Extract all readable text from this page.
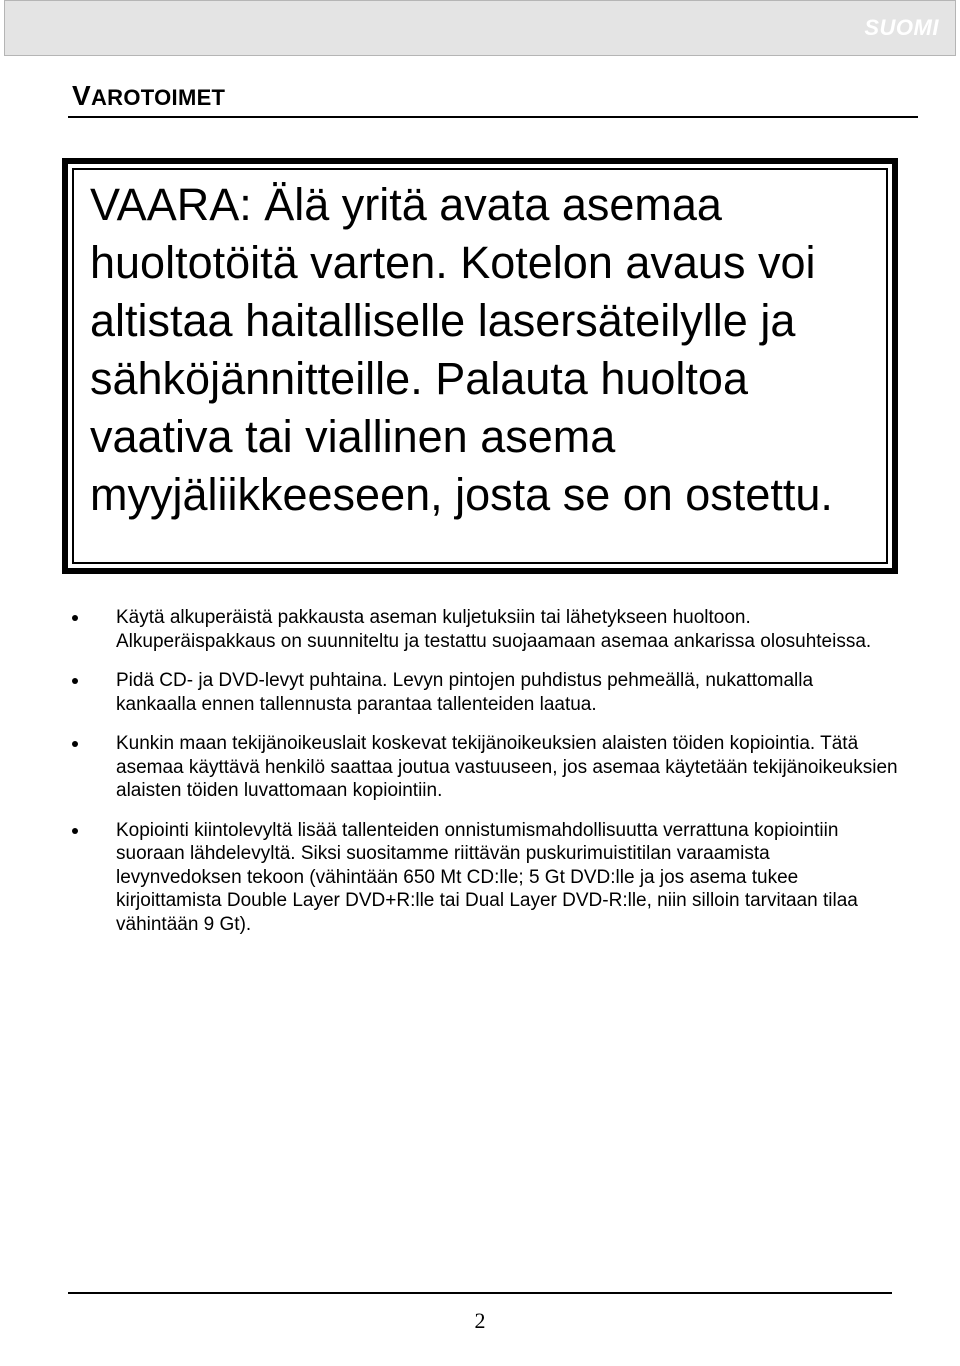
SUOMI
VAROTOIMET

VAARA: Älä yritä avata asemaa huoltotöitä varten. Kotelon avaus voi altistaa haitalliselle lasersäteilylle ja sähköjännitteille. Palauta huoltoa vaativa tai viallinen asema myyjäliikkeeseen, josta se on ostettu.

Käytä alkuperäistä pakkausta aseman kuljetuksiin tai lähetykseen huoltoon. Alkuperäispakkaus on suunniteltu ja testattu suojaamaan asemaa ankarissa olosuhteissa.
Pidä CD- ja DVD-levyt puhtaina. Levyn pintojen puhdistus pehmeällä, nukattomalla kankaalla ennen tallennusta parantaa tallenteiden laatua.
Kunkin maan tekijänoikeuslait koskevat tekijänoikeuksien alaisten töiden kopiointia. Tätä asemaa käyttävä henkilö saattaa joutua vastuuseen, jos asemaa käytetään tekijänoikeuksien alaisten töiden luvattomaan kopiointiin.
Kopiointi kiintolevyltä lisää tallenteiden onnistumismahdollisuutta verrattuna kopiointiin suoraan lähdelevyltä. Siksi suositamme riittävän puskurimuistitilan varaamista levynvedoksen tekoon (vähintään 650 Mt CD:lle; 5 Gt DVD:lle ja jos asema tukee kirjoittamista Double Layer DVD+R:lle tai Dual Layer DVD-R:lle, niin silloin tarvitaan tilaa vähintään 9 Gt).
2
